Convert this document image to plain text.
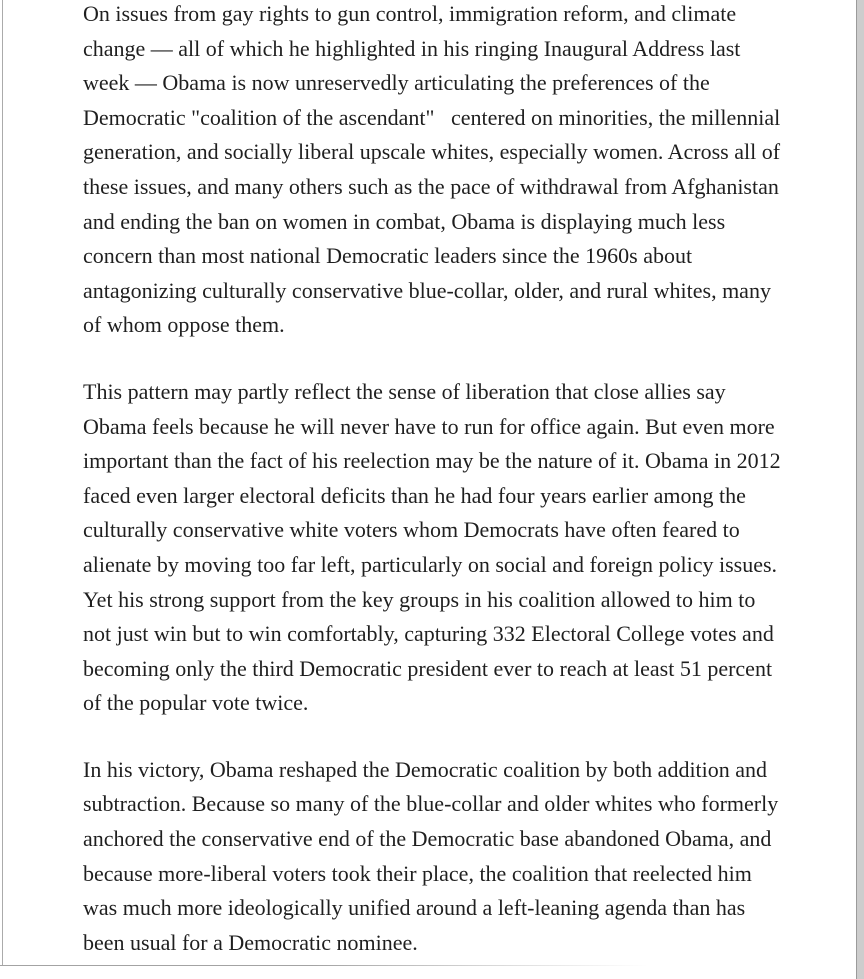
On issues from gay rights to gun control, immigration reform, and climate change — all of which he highlighted in his ringing Inaugural Address last week — Obama is now unreservedly articulating the preferences of the Democratic "coalition of the ascendant"   centered on minorities, the millennial generation, and socially liberal upscale whites, especially women. Across all of these issues, and many others such as the pace of withdrawal from Afghanistan and ending the ban on women in combat, Obama is displaying much less concern than most national Democratic leaders since the 1960s about antagonizing culturally conservative blue-collar, older, and rural whites, many of whom oppose them.

This pattern may partly reflect the sense of liberation that close allies say Obama feels because he will never have to run for office again. But even more important than the fact of his reelection may be the nature of it. Obama in 2012 faced even larger electoral deficits than he had four years earlier among the culturally conservative white voters whom Democrats have often feared to alienate by moving too far left, particularly on social and foreign policy issues. Yet his strong support from the key groups in his coalition allowed to him to not just win but to win comfortably, capturing 332 Electoral College votes and becoming only the third Democratic president ever to reach at least 51 percent of the popular vote twice.

In his victory, Obama reshaped the Democratic coalition by both addition and subtraction. Because so many of the blue-collar and older whites who formerly anchored the conservative end of the Democratic base abandoned Obama, and because more-liberal voters took their place, the coalition that reelected him was much more ideologically unified around a left-leaning agenda than has been usual for a Democratic nominee.
